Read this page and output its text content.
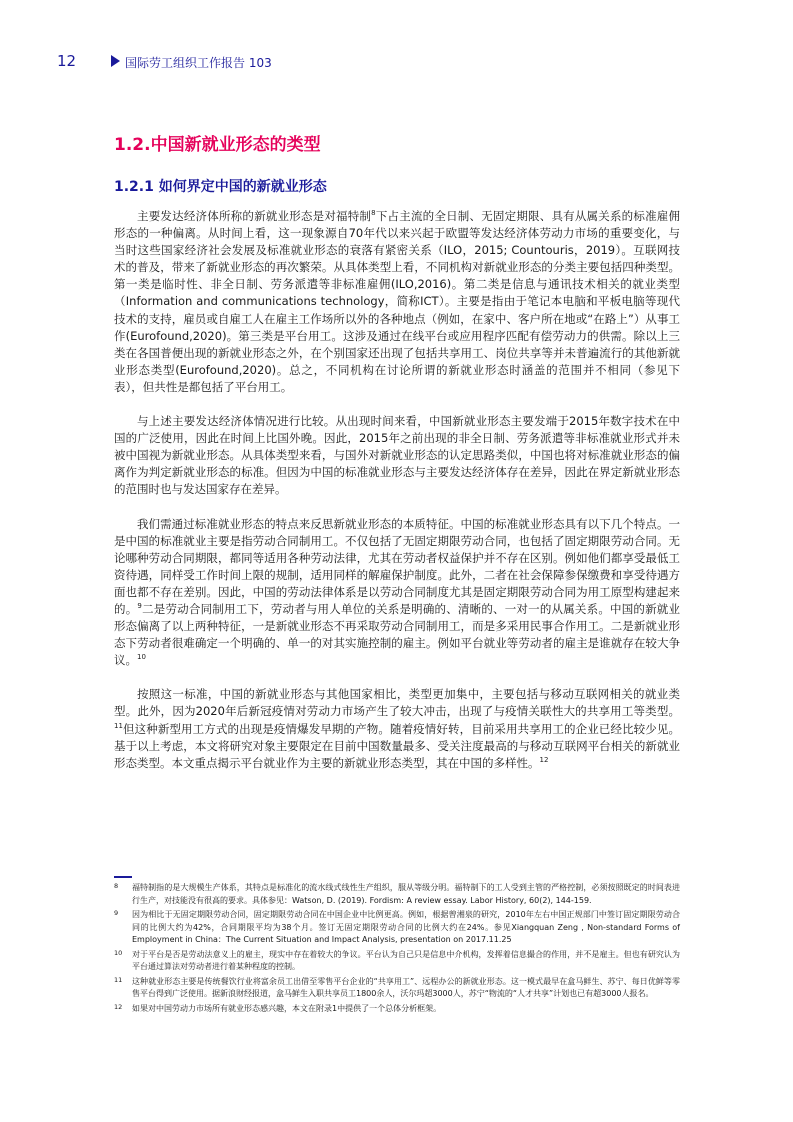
12	国际劳工组织工作报告 103
1.2.中国新就业形态的类型
1.2.1 如何界定中国的新就业形态

主要发达经济体所称的新就业形态是对福特制$^8$下占主流的全日制、无固定期限、具有从属关系的标准雇佣形态的一种偏离。从时间上看，这一现象源自70年代以来兴起于欧盟等发达经济体劳动力市场的重要变化，与当时这些国家经济社会发展及标准就业形态的衰落有紧密关系（ILO，2015; Countouris，2019）。互联网技术的普及，带来了新就业形态的再次繁荣。从具体类型上看，不同机构对新就业形态的分类主要包括四种类型。第一类是临时性、非全日制、劳务派遣等非标准雇佣(ILO,2016)。第二类是信息与通讯技术相关的就业类型（Information and communications technology，简称ICT）。主要是指由于笔记本电脑和平板电脑等现代技术的支持，雇员或自雇工人在雇主工作场所以外的各种地点（例如，在家中、客户所在地或“在路上”）从事工作(Eurofound,2020)。第三类是平台用工。这涉及通过在线平台或应用程序匹配有偿劳动力的供需。除以上三类在各国普便出现的新就业形态之外，在个别国家还出现了包括共享用工、岗位共享等并未普遍流行的其他新就业形态类型(Eurofound,2020)。总之，不同机构在讨论所谓的新就业形态时涵盖的范围并不相同（参见下表），但共性是都包括了平台用工。

与上述主要发达经济体情况进行比较。从出现时间来看，中国新就业形态主要发端于2015年数字技术在中国的广泛使用，因此在时间上比国外晚。因此，2015年之前出现的非全日制、劳务派遣等非标准就业形式并未被中国视为新就业形态。从具体类型来看，与国外对新就业形态的认定思路类似，中国也将对标准就业形态的偏离作为判定新就业形态的标准。但因为中国的标准就业形态与主要发达经济体存在差异，因此在界定新就业形态的范围时也与发达国家存在差异。

我们需通过标准就业形态的特点来反思新就业形态的本质特征。中国的标准就业形态具有以下几个特点。一是中国的标准就业主要是指劳动合同制用工。不仅包括了无固定期限劳动合同，也包括了固定期限劳动合同。无论哪种劳动合同期限，都同等适用各种劳动法律，尤其在劳动者权益保护并不存在区别。例如他们都享受最低工资待遇，同样受工作时间上限的规制，适用同样的解雇保护制度。此外，二者在社会保障参保缴费和享受待遇方面也都不存在差别。因此，中国的劳动法律体系是以劳动合同制度尤其是固定期限劳动合同为用工原型构建起来的。$^9$二是劳动合同制用工下，劳动者与用人单位的关系是明确的、清晰的、一对一的从属关系。中国的新就业形态偏离了以上两种特征，一是新就业形态不再采取劳动合同制用工，而是多采用民事合作用工。二是新就业形态下劳动者很难确定一个明确的、单一的对其实施控制的雇主。例如平台就业等劳动者的雇主是谁就存在较大争议。$^{10}$

按照这一标准，中国的新就业形态与其他国家相比，类型更加集中，主要包括与移动互联网相关的就业类型。此外，因为2020年后新冠疫情对劳动力市场产生了较大冲击，出现了与疫情关联性大的共享用工等类型。$^{11}$但这种新型用工方式的出现是疫情爆发早期的产物。随着疫情好转，目前采用共享用工的企业已经比较少见。基于以上考虑，本文将研究对象主要限定在目前中国数量最多、受关注度最高的与移动互联网平台相关的新就业形态类型。本文重点揭示平台就业作为主要的新就业形态类型，其在中国的多样性。$^{12}$

8 福特制指的是大规模生产体系，其特点是标准化的流水线式线性生产组织，服从等级分明。福特制下的工人受到主管的严格控制，必须按照既定的时间表进行生产，对技能没有很高的要求。具体参见：Watson, D. (2019). Fordism: A review essay. Labor History, 60(2), 144-159.
9 因为相比于无固定期限劳动合同，固定期限劳动合同在中国企业中比例更高。例如，根据曾湘泉的研究，2010年左右中国正规部门中签订固定期限劳动合同的比例大约为42%，合同期限平均为38个月。签订无固定期限劳动合同的比例大约在24%。参见Xiangquan Zeng , Non-standard Forms of Employment in China：The Current Situation and Impact Analysis, presentation on 2017.11.25
10 对于平台是否是劳动法意义上的雇主，现实中存在着较大的争议。平台认为自己只是信息中介机构，发挥着信息撮合的作用，并不是雇主。但也有研究认为平台通过算法对劳动者进行着某种程度的控制。
11 这种就业形态主要是传统餐饮行业将富余员工出借至零售平台企业的“共享用工”、远程办公的新就业形态。这一模式最早在盒马鲜生、苏宁、每日优鲜等零售平台得到广泛使用。据新浪财经报道，盒马鲜生入职共享员工1800余人，沃尔玛超3000人，苏宁“物流的“人才共享”计划也已有超3000人报名。
12 如果对中国劳动力市场所有就业形态感兴趣，本文在附录1中提供了一个总体分析框架。
